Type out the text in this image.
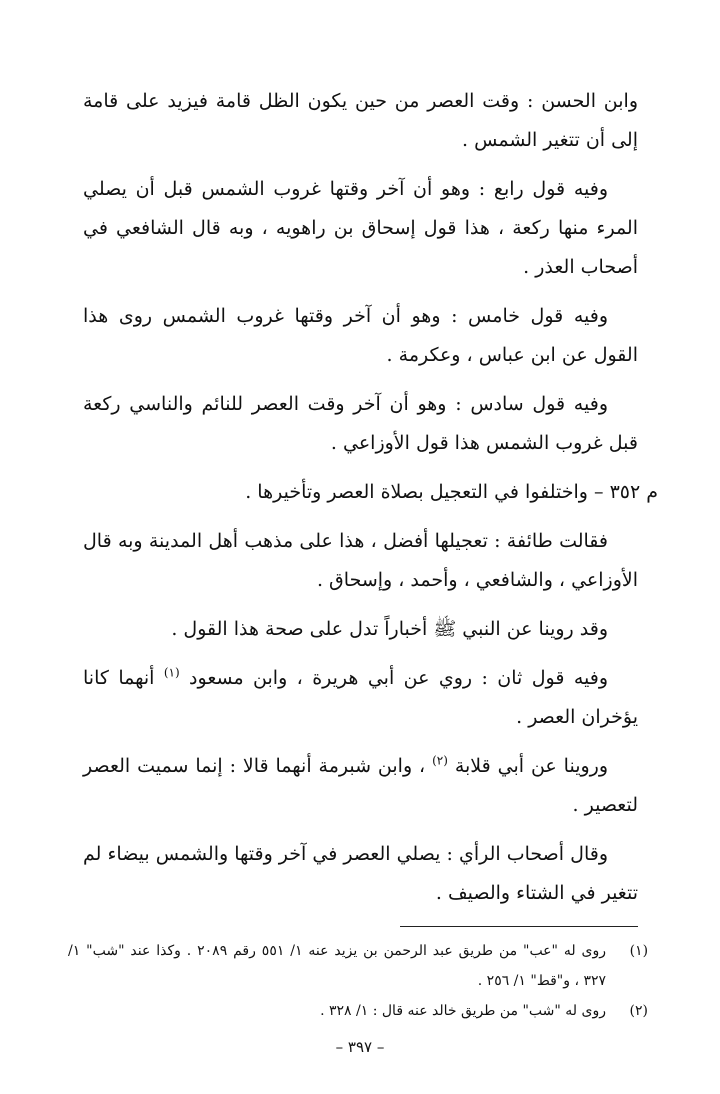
وابن الحسن : وقت العصر من حين يكون الظل قامة فيزيد على قامة إلى أن تتغير الشمس .

وفيه قول رابع : وهو أن آخر وقتها غروب الشمس قبل أن يصلي المرء منها ركعة ، هذا قول إسحاق بن راهويه ، وبه قال الشافعي في أصحاب العذر .

وفيه قول خامس : وهو أن آخر وقتها غروب الشمس روى هذا القول عن ابن عباس ، وعكرمة .

وفيه قول سادس : وهو أن آخر وقت العصر للنائم والناسي ركعة قبل غروب الشمس هذا قول الأوزاعي .

م ٣٥٢ – واختلفوا في التعجيل بصلاة العصر وتأخيرها .

فقالت طائفة : تعجيلها أفضل ، هذا على مذهب أهل المدينة وبه قال الأوزاعي ، والشافعي ، وأحمد ، وإسحاق .

وقد روينا عن النبي ﷺ أخباراً تدل على صحة هذا القول .

وفيه قول ثان : روي عن أبي هريرة ، وابن مسعود $^{(١)}$ أنهما كانا يؤخران العصر .

وروينا عن أبي قلابة $^{(٢)}$ ، وابن شبرمة أنهما قالا : إنما سميت العصر لتعصير .

وقال أصحاب الرأي : يصلي العصر في آخر وقتها والشمس بيضاء لم تتغير في الشتاء والصيف .

(١)روى له "عب" من طريق عبد الرحمن بن يزيد عنه ١/ ٥٥١ رقم ٢٠٨٩ . وكذا عند "شب" ١/ ٣٢٧ ، و"قط" ١/ ٢٥٦ .

(٢)روى له "شب" من طريق خالد عنه قال : ١/ ٣٢٨ .

– ٣٩٧ –
